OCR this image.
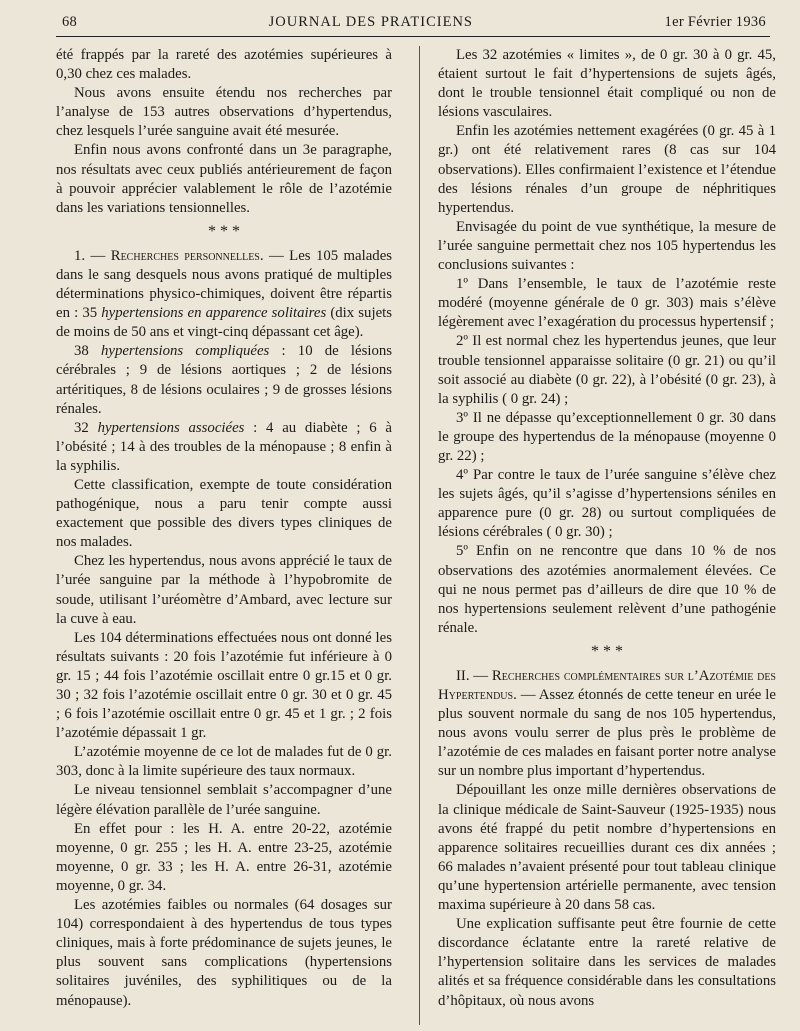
68	JOURNAL DES PRATICIENS	1er Février 1936

été frappés par la rareté des azotémies supérieures à 0,30 chez ces malades.

Nous avons ensuite étendu nos recherches par l’analyse de 153 autres observations d’hypertendus, chez lesquels l’urée sanguine avait été mesurée.

Enfin nous avons confronté dans un 3e paragraphe, nos résultats avec ceux publiés antérieurement de façon à pouvoir apprécier valablement le rôle de l’azotémie dans les variations tensionnelles.

* * *

1. — Recherches personnelles. — Les 105 malades dans le sang desquels nous avons pratiqué de multiples déterminations physico-chimiques, doivent être répartis en : 35 hypertensions en apparence solitaires (dix sujets de moins de 50 ans et vingt-cinq dépassant cet âge).

38 hypertensions compliquées : 10 de lésions cérébrales ; 9 de lésions aortiques ; 2 de lésions artéritiques, 8 de lésions oculaires ; 9 de grosses lésions rénales.

32 hypertensions associées : 4 au diabète ; 6 à l’obésité ; 14 à des troubles de la ménopause ; 8 enfin à la syphilis.

Cette classification, exempte de toute considération pathogénique, nous a paru tenir compte aussi exactement que possible des divers types cliniques de nos malades.

Chez les hypertendus, nous avons apprécié le taux de l’urée sanguine par la méthode à l’hypobromite de soude, utilisant l’uréomètre d’Ambard, avec lecture sur la cuve à eau.

Les 104 déterminations effectuées nous ont donné les résultats suivants : 20 fois l’azotémie fut inférieure à 0 gr. 15 ; 44 fois l’azotémie oscillait entre 0 gr.15 et 0 gr. 30 ; 32 fois l’azotémie oscillait entre 0 gr. 30 et 0 gr. 45 ; 6 fois l’azotémie oscillait entre 0 gr. 45 et 1 gr. ; 2 fois l’azotémie dépassait 1 gr.

L’azotémie moyenne de ce lot de malades fut de 0 gr. 303, donc à la limite supérieure des taux normaux.

Le niveau tensionnel semblait s’accompagner d’une légère élévation parallèle de l’urée sanguine.

En effet pour : les H. A. entre 20-22, azotémie moyenne, 0 gr. 255 ; les H. A. entre 23-25, azotémie moyenne, 0 gr. 33 ; les H. A. entre 26-31, azotémie moyenne, 0 gr. 34.

Les azotémies faibles ou normales (64 dosages sur 104) correspondaient à des hypertendus de tous types cliniques, mais à forte prédominance de sujets jeunes, le plus souvent sans complications (hypertensions solitaires juvéniles, des syphilitiques ou de la ménopause).

Les 32 azotémies « limites », de 0 gr. 30 à 0 gr. 45, étaient surtout le fait d’hypertensions de sujets âgés, dont le trouble tensionnel était compliqué ou non de lésions vasculaires.

Enfin les azotémies nettement exagérées (0 gr. 45 à 1 gr.) ont été relativement rares (8 cas sur 104 observations). Elles confirmaient l’existence et l’étendue des lésions rénales d’un groupe de néphritiques hypertendus.

Envisagée du point de vue synthétique, la mesure de l’urée sanguine permettait chez nos 105 hypertendus les conclusions suivantes :

1º Dans l’ensemble, le taux de l’azotémie reste modéré (moyenne générale de 0 gr. 303) mais s’élève légèrement avec l’exagération du processus hypertensif ;

2º Il est normal chez les hypertendus jeunes, que leur trouble tensionnel apparaisse solitaire (0 gr. 21) ou qu’il soit associé au diabète (0 gr. 22), à l’obésité (0 gr. 23), à la syphilis ( 0 gr. 24) ;

3º Il ne dépasse qu’exceptionnellement 0 gr. 30 dans le groupe des hypertendus de la ménopause (moyenne 0 gr. 22) ;

4º Par contre le taux de l’urée sanguine s’élève chez les sujets âgés, qu’il s’agisse d’hypertensions séniles en apparence pure (0 gr. 28) ou surtout compliquées de lésions cérébrales ( 0 gr. 30) ;

5º Enfin on ne rencontre que dans 10 % de nos observations des azotémies anormalement élevées. Ce qui ne nous permet pas d’ailleurs de dire que 10 % de nos hypertensions seulement relèvent d’une pathogénie rénale.

* * *

II. — Recherches complémentaires sur l’Azotémie des Hypertendus. — Assez étonnés de cette teneur en urée le plus souvent normale du sang de nos 105 hypertendus, nous avons voulu serrer de plus près le problème de l’azotémie de ces malades en faisant porter notre analyse sur un nombre plus important d’hypertendus.

Dépouillant les onze mille dernières observations de la clinique médicale de Saint-Sauveur (1925-1935) nous avons été frappé du petit nombre d’hypertensions en apparence solitaires recueillies durant ces dix années ; 66 malades n’avaient présenté pour tout tableau clinique qu’une hypertension artérielle permanente, avec tension maxima supérieure à 20 dans 58 cas.

Une explication suffisante peut être fournie de cette discordance éclatante entre la rareté relative de l’hypertension solitaire dans les services de malades alités et sa fréquence considérable dans les consultations d’hôpitaux, où nous avons
